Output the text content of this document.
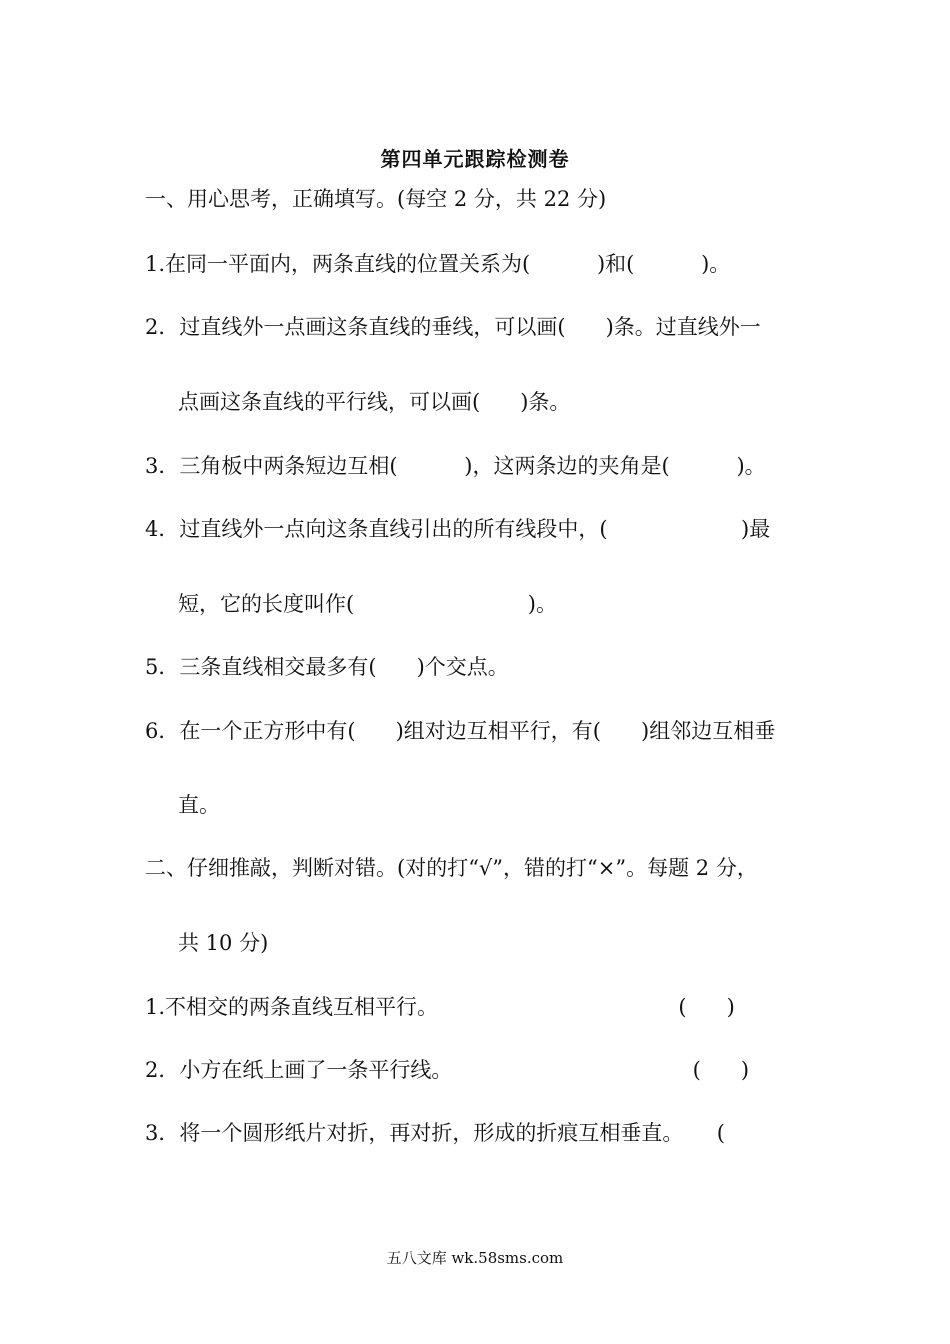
第四单元跟踪检测卷
一、用心思考，正确填写。(每空 2 分，共 22 分)
1.在同一平面内，两条直线的位置关系为(          )和(          )。
2．过直线外一点画这条直线的垂线，可以画(      )条。过直线外一
点画这条直线的平行线，可以画(      )条。
3．三角板中两条短边互相(          )，这两条边的夹角是(          )。
4．过直线外一点向这条直线引出的所有线段中，(                    )最
短，它的长度叫作(                          )。
5．三条直线相交最多有(      )个交点。
6．在一个正方形中有(      )组对边互相平行，有(      )组邻边互相垂
直。
二、仔细推敲，判断对错。(对的打“√”，错的打“×”。每题 2 分，
共 10 分)
1.不相交的两条直线互相平行。                                    (      )
2．小方在纸上画了一条平行线。                                    (      )
3．将一个圆形纸片对折，再对折，形成的折痕互相垂直。     (
五八文库 wk.58sms.com
